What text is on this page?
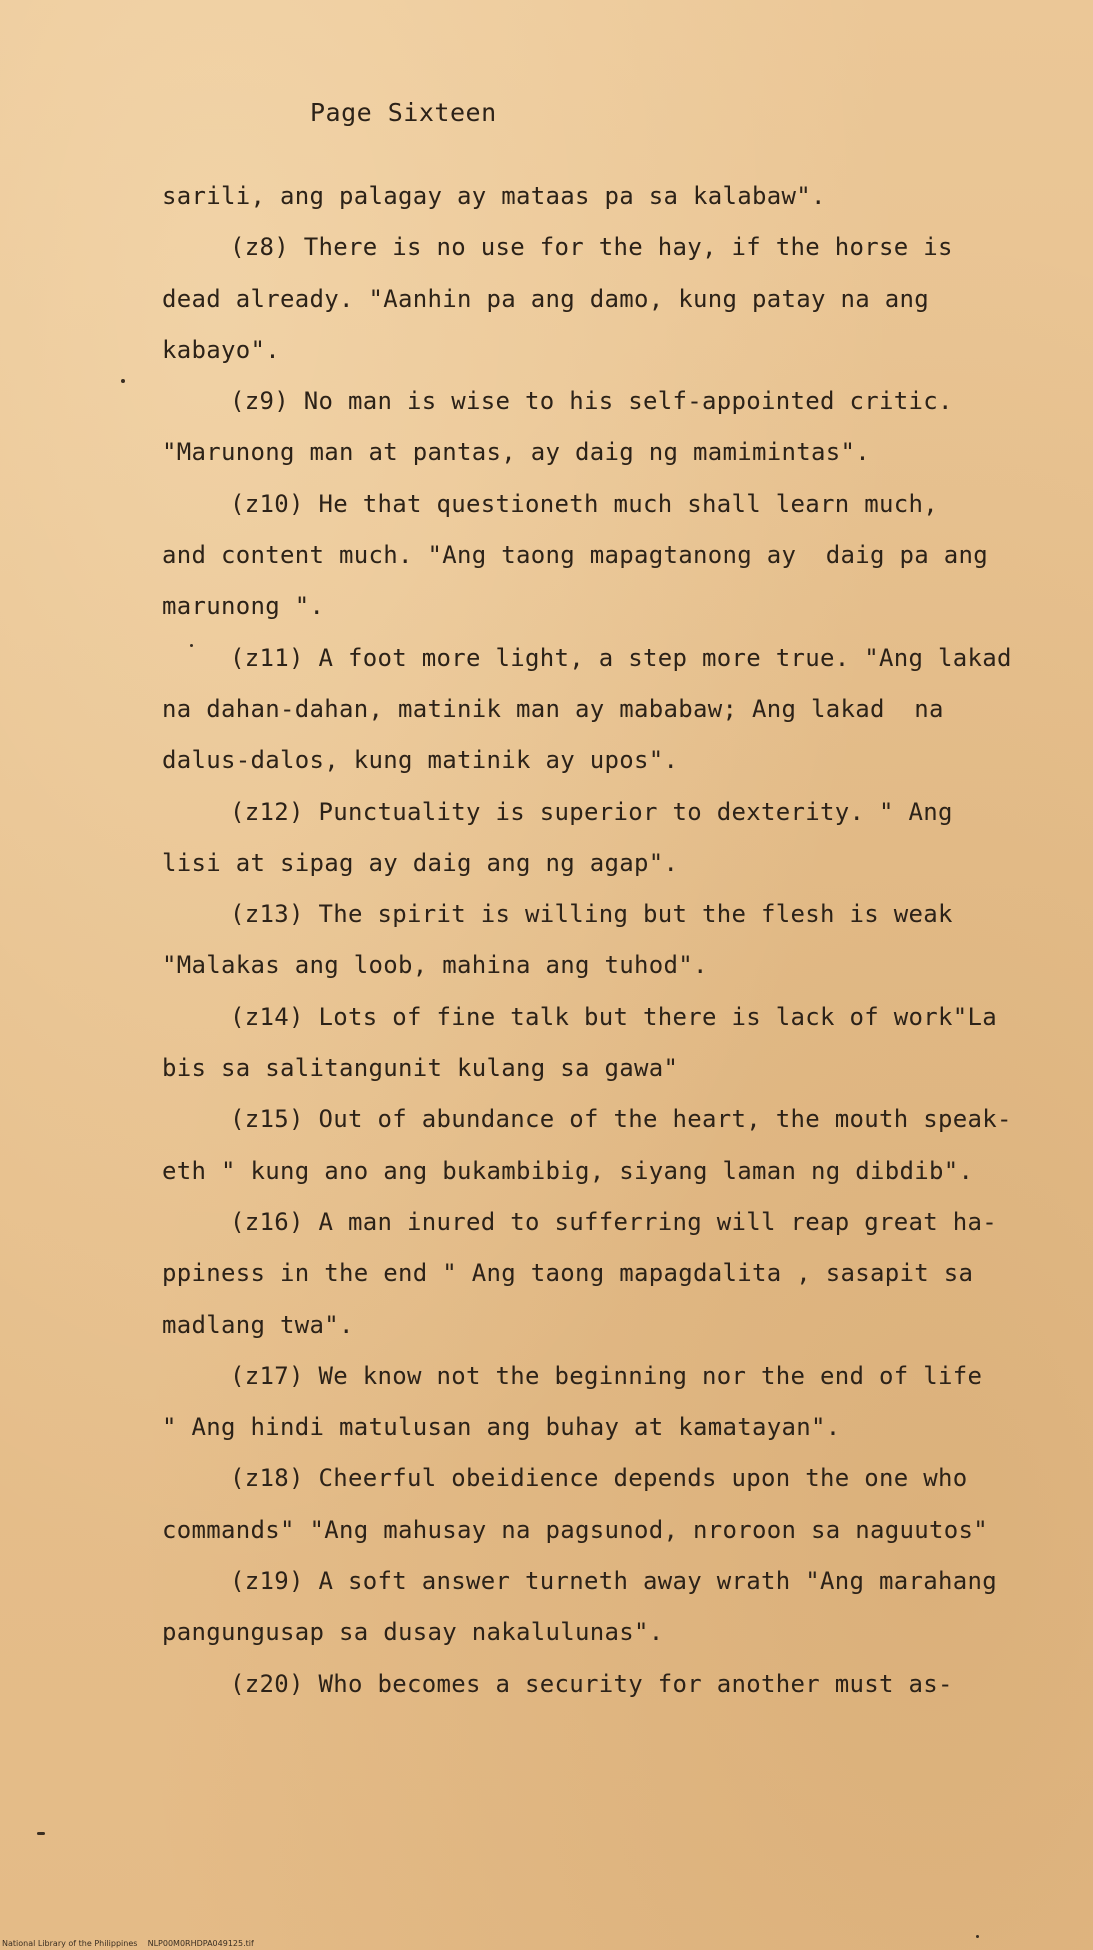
Page Sixteen
sarili, ang palagay ay mataas pa sa kalabaw".
(z8) There is no use for the hay, if the horse is
dead already. "Aanhin pa ang damo, kung patay na ang
kabayo".
(z9) No man is wise to his self-appointed critic.
"Marunong man at pantas, ay daig ng mamimintas".
(z10) He that questioneth much shall learn much,
and content much. "Ang taong mapagtanong ay  daig pa ang
marunong ".
(z11) A foot more light, a step more true. "Ang lakad
na dahan-dahan, matinik man ay mababaw; Ang lakad  na
dalus-dalos, kung matinik ay upos".
(z12) Punctuality is superior to dexterity. " Ang
lisi at sipag ay daig ang ng agap".
(z13) The spirit is willing but the flesh is weak
"Malakas ang loob, mahina ang tuhod".
(z14) Lots of fine talk but there is lack of work"La
bis sa salitangunit kulang sa gawa"
(z15) Out of abundance of the heart, the mouth speak-
eth " kung ano ang bukambibig, siyang laman ng dibdib".
(z16) A man inured to sufferring will reap great ha-
ppiness in the end " Ang taong mapagdalita , sasapit sa
madlang twa".
(z17) We know not the beginning nor the end of life
" Ang hindi matulusan ang buhay at kamatayan".
(z18) Cheerful obeidience depends upon the one who
commands" "Ang mahusay na pagsunod, nroroon sa naguutos"
(z19) A soft answer turneth away wrath "Ang marahang
pangungusap sa dusay nakalulunas".
(z20) Who becomes a security for another must as-
National Library of the Philippines    NLP00M0RHDPA049125.tif
